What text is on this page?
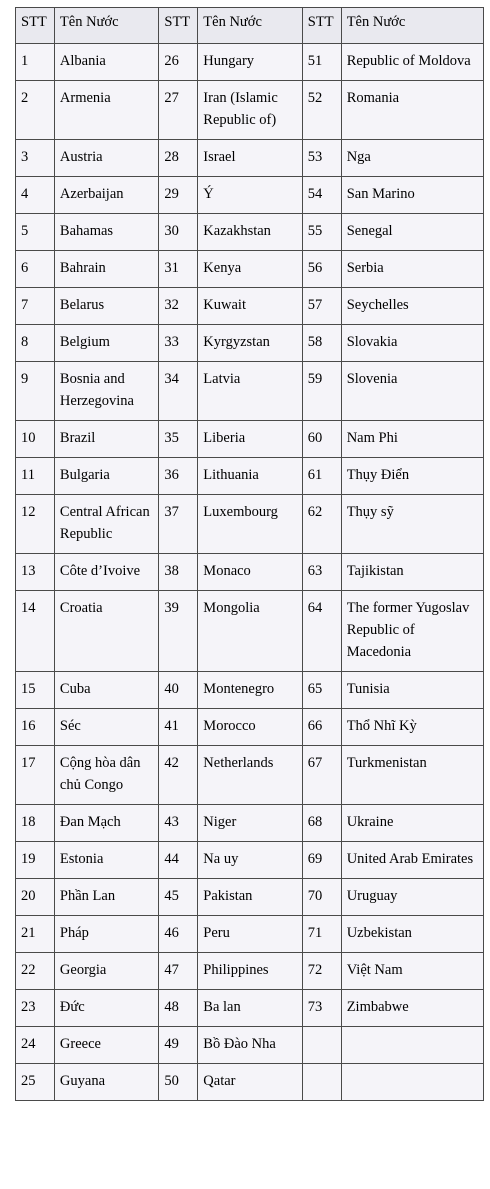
STT	Tên Nước	STT	Tên Nước	STT	Tên Nước
1	Albania	26	Hungary	51	Republic of Moldova
2	Armenia	27	Iran (Islamic Republic of)	52	Romania
3	Austria	28	Israel	53	Nga
4	Azerbaijan	29	Ý	54	San Marino
5	Bahamas	30	Kazakhstan	55	Senegal
6	Bahrain	31	Kenya	56	Serbia
7	Belarus	32	Kuwait	57	Seychelles
8	Belgium	33	Kyrgyzstan	58	Slovakia
9	Bosnia and Herzegovina	34	Latvia	59	Slovenia
10	Brazil	35	Liberia	60	Nam Phi
11	Bulgaria	36	Lithuania	61	Thụy Điển
12	Central African Republic	37	Luxembourg	62	Thụy sỹ
13	Côte d’Ivoive	38	Monaco	63	Tajikistan
14	Croatia	39	Mongolia	64	The former Yugoslav Republic of Macedonia
15	Cuba	40	Montenegro	65	Tunisia
16	Séc	41	Morocco	66	Thổ Nhĩ Kỳ
17	Cộng hòa dân chủ Congo	42	Netherlands	67	Turkmenistan
18	Đan Mạch	43	Niger	68	Ukraine
19	Estonia	44	Na uy	69	United Arab Emirates
20	Phần Lan	45	Pakistan	70	Uruguay
21	Pháp	46	Peru	71	Uzbekistan
22	Georgia	47	Philippines	72	Việt Nam
23	Đức	48	Ba lan	73	Zimbabwe
24	Greece	49	Bồ Đào Nha		
25	Guyana	50	Qatar		
